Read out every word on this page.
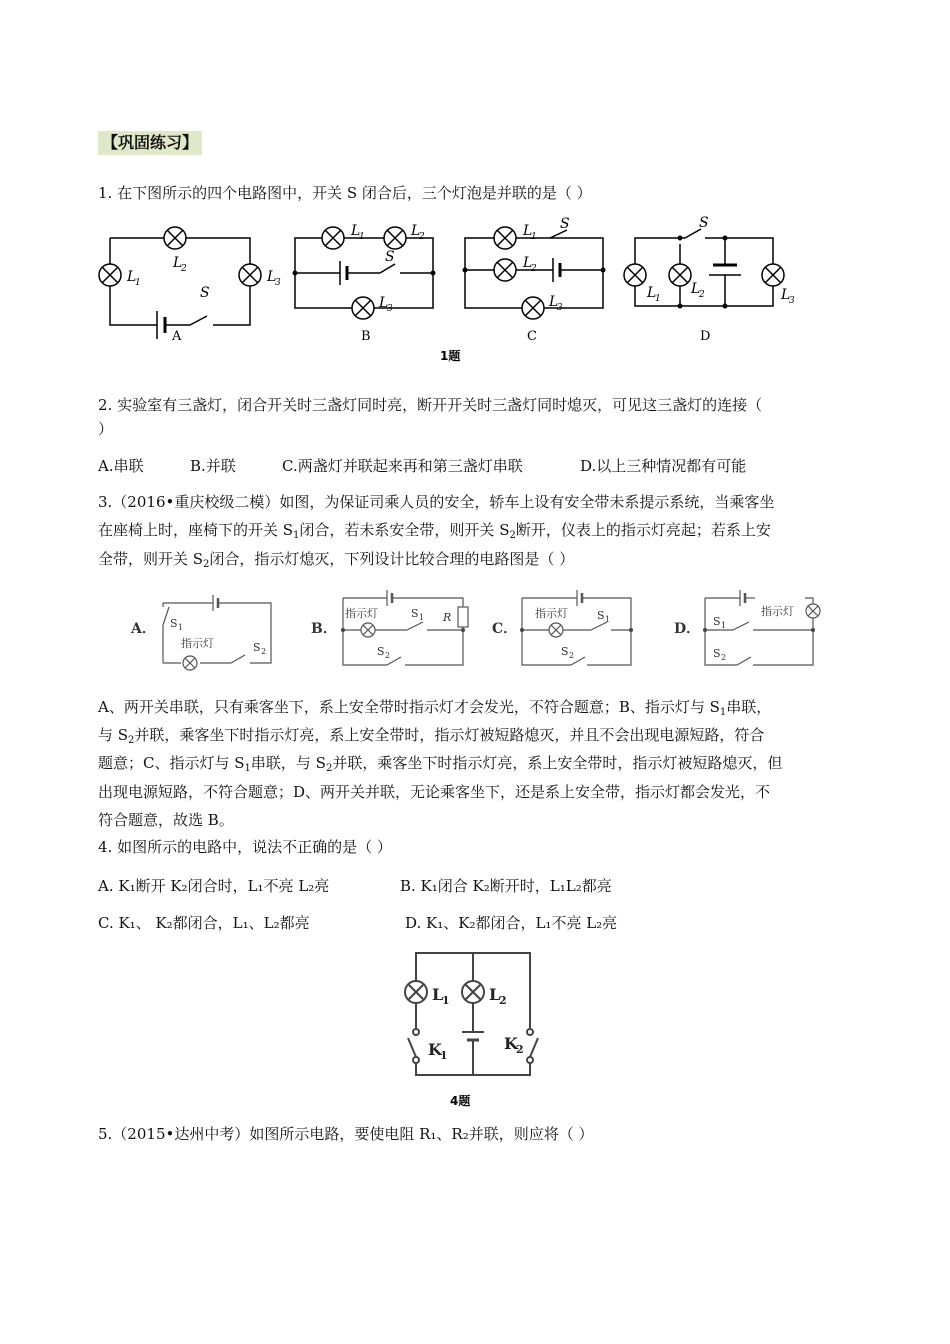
【巩固练习】
1. 在下图所示的四个电路图中，开关 S 闭合后，三个灯泡是并联的是（ ）
L
2
L
1	L
3
S
L
1	L
2
S
L
3
L
1
L
2
S
L
3
S
L
1
L
2	L
3
A	B	C	D
1题
2. 实验室有三盏灯，闭合开关时三盏灯同时亮，断开开关时三盏灯同时熄灭，可见这三盏灯的连接（
）
A.串联	B.并联	C.两盏灯并联起来再和第三盏灯串联	D.以上三种情况都有可能
3.（2016•重庆校级二模）如图，为保证司乘人员的安全，轿车上设有安全带未系提示系统，当乘客坐
在座椅上时，座椅下的开关 $S_1$闭合，若未系安全带，则开关 $S_2$断开，仪表上的指示灯亮起；若系上安
全带，则开关 $S_2$闭合，指示灯熄灭，下列设计比较合理的电路图是（ ）
S 1
指示灯	S 2
指示灯	S 1 R
S 2
指示灯	S 1
S 2
指示灯
S 1
S 2
A．	B．	C．	D．
A、两开关串联，只有乘客坐下，系上安全带时指示灯才会发光，不符合题意；B、指示灯与 $S_1$串联，
与 $S_2$并联，乘客坐下时指示灯亮，系上安全带时，指示灯被短路熄灭，并且不会出现电源短路，符合
题意；C、指示灯与 $S_1$串联，与 $S_2$并联，乘客坐下时指示灯亮，系上安全带时，指示灯被短路熄灭，但
出现电源短路，不符合题意；D、两开关并联，无论乘客坐下，还是系上安全带，指示灯都会发光，不
符合题意，故选 B。
4. 如图所示的电路中，说法不正确的是（ ）
A. K₁断开 K₂闭合时，L₁不亮 L₂亮	B. K₁闭合 K₂断开时，L₁L₂都亮
C. K₁、 K₂都闭合，L₁、L₂都亮	D. K₁、K₂都闭合，L₁不亮 L₂亮
L
1 L
2
K
1
K
2
4题
5.（2015•达州中考）如图所示电路，要使电阻 R₁、R₂并联，则应将（ ）
